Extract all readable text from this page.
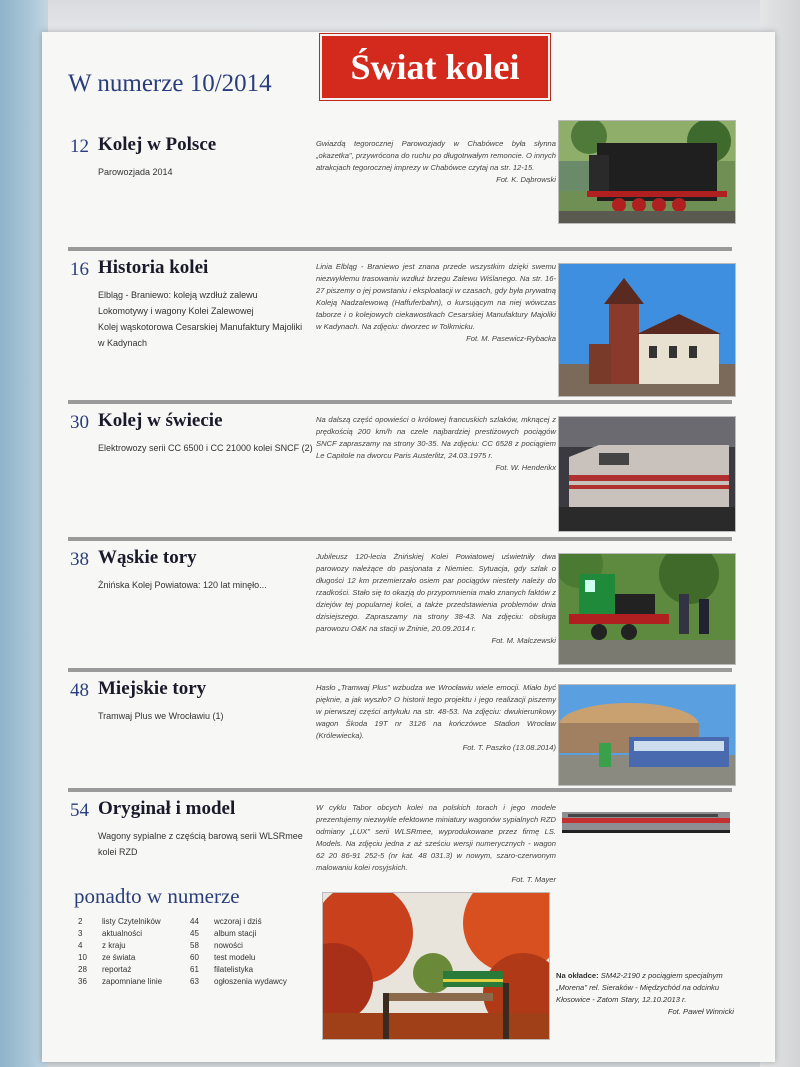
W numerze 10/2014	Świat kolei
12 Kolej w Polsce
Parowozjada 2014
Gwiazdą tegorocznej Parowozjady w Chabówce była słynna „okazetka", przywrócona do ruchu po długotrwałym remoncie. O innych atrakcjach tegorocznej imprezy w Chabówce czytaj na str. 12-15.
Fot. K. Dąbrowski
16 Historia kolei
Elbląg - Braniewo: koleją wzdłuż zalewu
Lokomotywy i wagony Kolei Zalewowej
Kolej wąskotorowa Cesarskiej Manufaktury Majoliki
w Kadynach
Linia Elbląg - Braniewo jest znana przede wszystkim dzięki swemu niezwykłemu trasowaniu wzdłuż brzegu Zalewu Wiślanego. Na str. 16-27 piszemy o jej powstaniu i eksploatacji w czasach, gdy była prywatną Koleją Nadzalewową (Haffuferbahn), o kursującym na niej wówczas taborze i o kolejowych ciekawostkach Cesarskiej Manufaktury Majoliki w Kadynach. Na zdjęciu: dworzec w Tolkmicku.
Fot. M. Pasewicz-Rybacka
30 Kolej w świecie
Elektrowozy serii CC 6500 i CC 21000 kolei SNCF (2)
Na dalszą część opowieści o królowej francuskich szlaków, mknącej z prędkością 200 km/h na czele najbardziej prestiżowych pociągów SNCF zapraszamy na strony 30-35. Na zdjęciu: CC 6528 z pociągiem Le Capitole na dworcu Paris Austerlitz, 24.03.1975 r.
Fot. W. Henderikx
38 Wąskie tory
Żnińska Kolej Powiatowa: 120 lat minęło...
Jubileusz 120-lecia Żnińskiej Kolei Powiatowej uświetniły dwa parowozy należące do pasjonata z Niemiec. Sytuacja, gdy szlak o długości 12 km przemierzało osiem par pociągów niestety należy do rzadkości. Stało się to okazją do przypomnienia mało znanych faktów z dziejów tej popularnej kolei, a także przedstawienia problemów dnia dzisiejszego. Zapraszamy na strony 38-43. Na zdjęciu: obsługa parowozu O&K na stacji w Żninie, 20.09.2014 r.
Fot. M. Malczewski
48 Miejskie tory
Tramwaj Plus we Wrocławiu (1)
Hasło „Tramwaj Plus" wzbudza we Wrocławiu wiele emocji. Miało być pięknie, a jak wyszło? O historii tego projektu i jego realizacji piszemy w pierwszej części artykułu na str. 48-53. Na zdjęciu: dwukierunkowy wagon Škoda 19T nr 3126 na kończówce Stadion Wrocław (Królewiecka).
Fot. T. Paszko (13.08.2014)
54 Oryginał i model
Wagony sypialne z częścią barową serii WLSRmee
kolei RZD
W cyklu Tabor obcych kolei na polskich torach i jego modele prezentujemy niezwykle efektowne miniatury wagonów sypialnych RZD odmiany „LUX" serii WLSRmee, wyprodukowane przez firmę LS. Models. Na zdjęciu jedna z aż sześciu wersji numerycznych - wagon 62 20 86-91 252-5 (nr kat. 48 031.3) w nowym, szaro-czerwonym malowaniu kolei rosyjskich.
Fot. T. Mayer
ponadto w numerze
2 listy Czytelników
3 aktualności
4 z kraju
10 ze świata
28 reportaż
36 zapomniane linie
44 wczoraj i dziś
45 album stacji
58 nowości
60 test modelu
61 filatelistyka
63 ogłoszenia wydawcy
Na okładce: SM42-2190 z pociągiem specjalnym „Morena" rel. Sieraków - Międzychód na odcinku Kłosowice - Zatom Stary, 12.10.2013 r.
Fot. Paweł Winnicki
